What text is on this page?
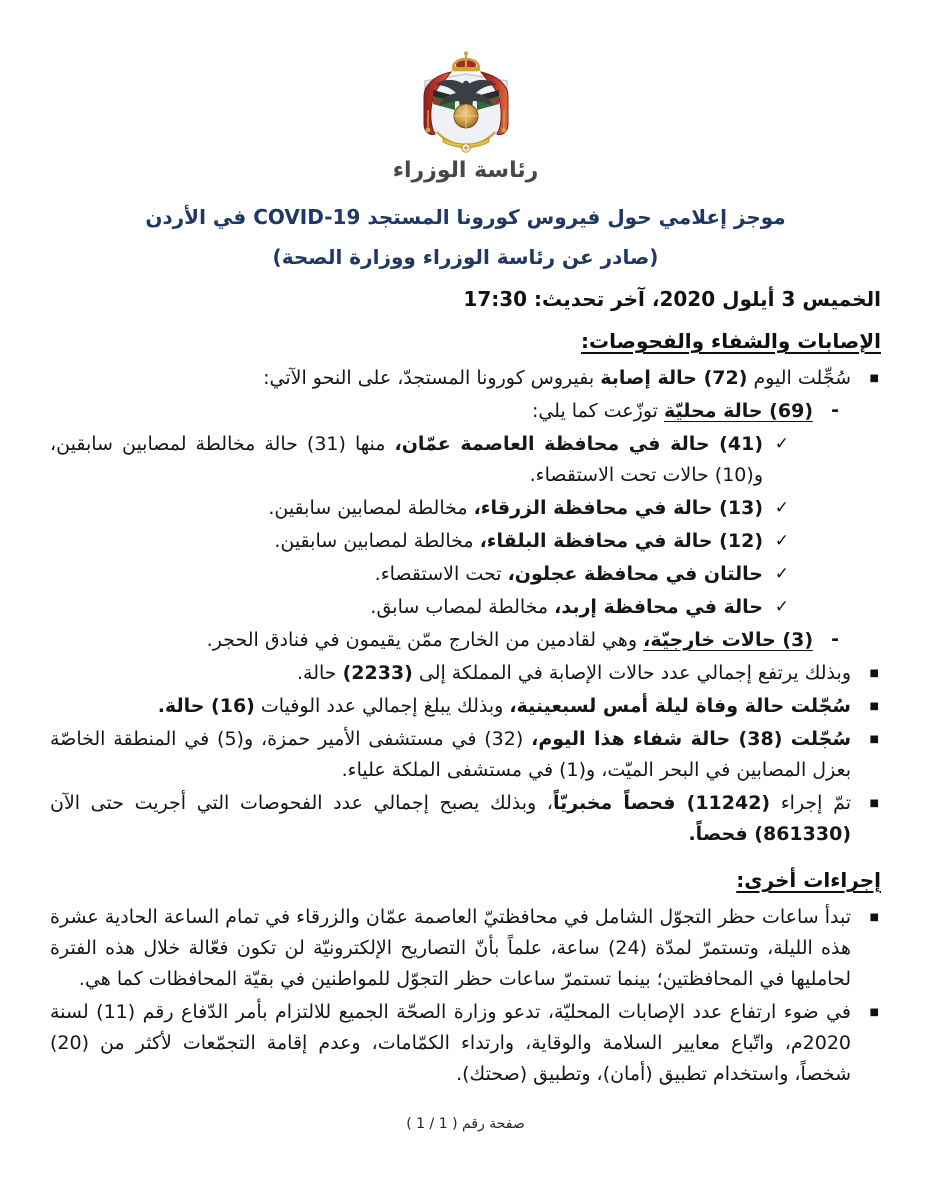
رئاسة الوزراء
موجز إعلامي حول فيروس كورونا المستجد COVID-19 في الأردن
(صادر عن رئاسة الوزراء ووزارة الصحة)
الخميس 3 أيلول 2020، آخر تحديث: 17:30
الإصابات والشفاء والفحوصات:
■
سُجِّلت اليوم (72) حالة إصابة بفيروس كورونا المستجدّ، على النحو الآتي:
-
(69) حالة محليّة توزّعت كما يلي:
✓
(41) حالة في محافظة العاصمة عمّان، منها (31) حالة مخالطة لمصابين سابقين، و(10) حالات تحت الاستقصاء.
✓
(13) حالة في محافظة الزرقاء، مخالطة لمصابين سابقين.
✓
(12) حالة في محافظة البلقاء، مخالطة لمصابين سابقين.
✓
حالتان في محافظة عجلون، تحت الاستقصاء.
✓
حالة في محافظة إربد، مخالطة لمصاب سابق.
-
(3) حالات خارجيّة، وهي لقادمين من الخارج ممّن يقيمون في فنادق الحجر.
■
وبذلك يرتفع إجمالي عدد حالات الإصابة في المملكة إلى (2233) حالة.
■
سُجّلت حالة وفاة ليلة أمس لسبعينية، وبذلك يبلغ إجمالي عدد الوفيات (16) حالة.
■
سُجّلت (38) حالة شفاء هذا اليوم، (32) في مستشفى الأمير حمزة، و(5) في المنطقة الخاصّة بعزل المصابين في البحر الميّت، و(1) في مستشفى الملكة علياء.
■
تمّ إجراء (11242) فحصاً مخبريّاً، وبذلك يصبح إجمالي عدد الفحوصات التي أجريت حتى الآن (861330) فحصاً.
إجراءات أخرى:
■
تبدأ ساعات حظر التجوّل الشامل في محافظتيّ العاصمة عمّان والزرقاء في تمام الساعة الحادية عشرة هذه الليلة، وتستمرّ لمدّة (24) ساعة، علماً بأنّ التصاريح الإلكترونيّة لن تكون فعّالة خلال هذه الفترة لحامليها في المحافظتين؛ بينما تستمرّ ساعات حظر التجوّل للمواطنين في بقيّة المحافظات كما هي.
■
في ضوء ارتفاع عدد الإصابات المحليّة، تدعو وزارة الصحّة الجميع للالتزام بأمر الدّفاع رقم (11) لسنة 2020م، واتّباع معايير السلامة والوقاية، وارتداء الكمّامات، وعدم إقامة التجمّعات لأكثر من (20) شخصاً، واستخدام تطبيق (أمان)، وتطبيق (صحتك).
صفحة رقم ( 1 / 1 )
